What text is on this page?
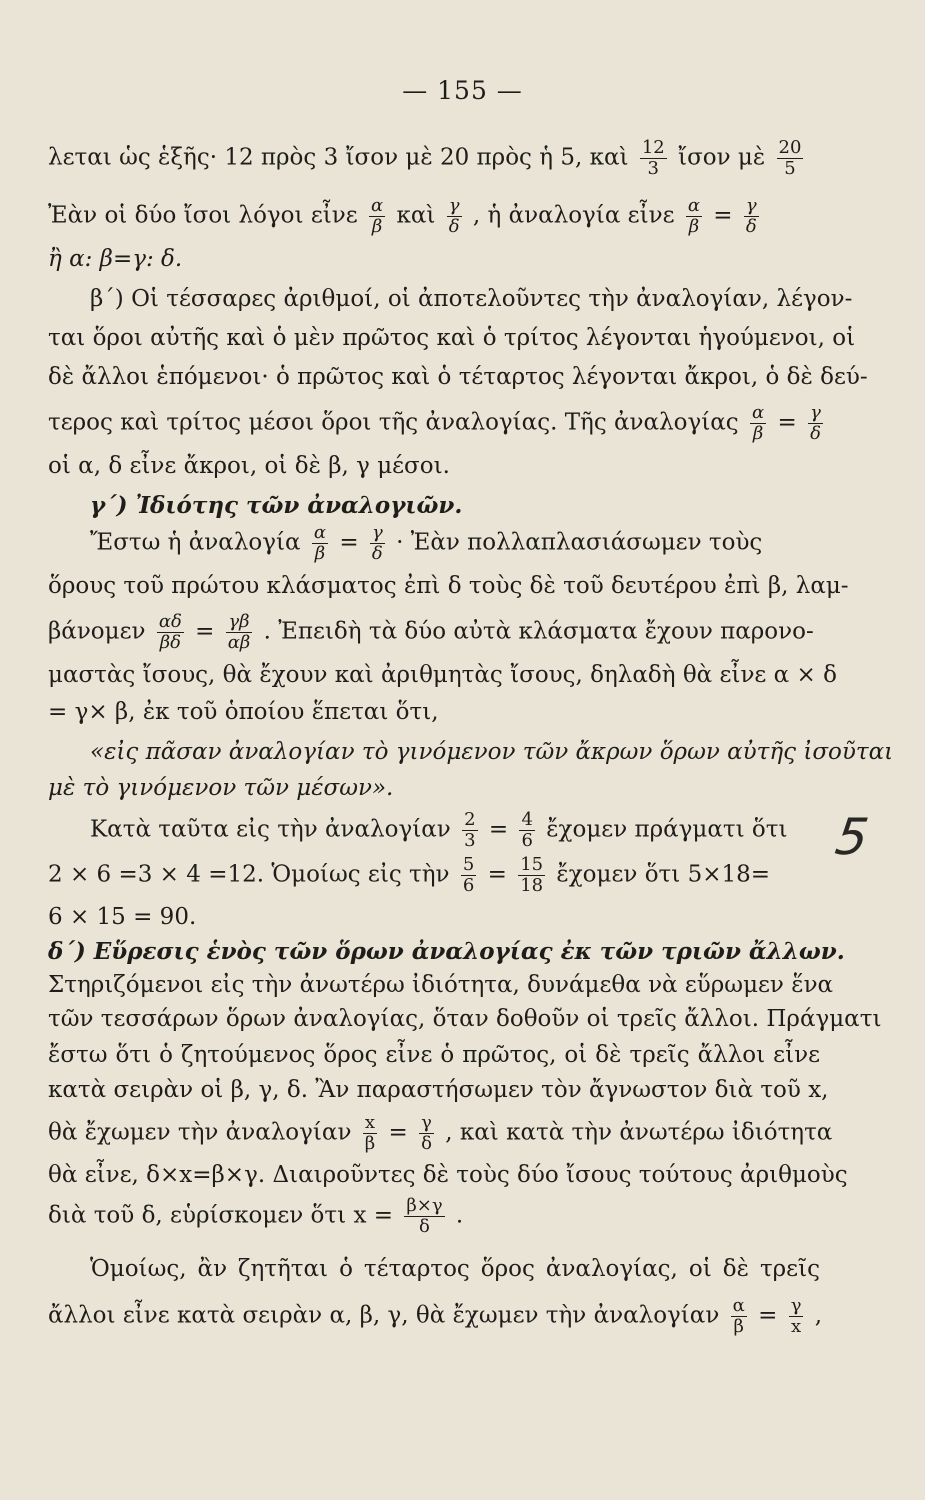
— 155 —
λεται ὡς ἑξῆς· 12 πρὸς 3 ἴσον μὲ 20 πρὸς ἡ 5, καὶ $\frac{12}{3}$ ἴσον μὲ $\frac{20}{5}$
Ἐὰν οἱ δύο ἴσοι λόγοι εἶνε $\frac{\alpha}{\beta}$ καὶ $\frac{\gamma}{\delta}$ , ἡ ἀναλογία εἶνε $\frac{\alpha}{\beta} = \frac{\gamma}{\delta}$
ἢ α: β=γ: δ.
β΄) Οἱ τέσσαρες ἀριθμοί, οἱ ἀποτελοῦντες τὴν ἀναλογίαν, λέγον-
ται ὅροι αὐτῆς καὶ ὁ μὲν πρῶτος καὶ ὁ τρίτος λέγονται ἡγούμενοι, οἱ
δὲ ἄλλοι ἑπόμενοι· ὁ πρῶτος καὶ ὁ τέταρτος λέγονται ἄκροι, ὁ δὲ δεύ-
τερος καὶ τρίτος μέσοι ὅροι τῆς ἀναλογίας. Τῆς ἀναλογίας $\frac{\alpha}{\beta} = \frac{\gamma}{\delta}$
οἱ α, δ εἶνε ἄκροι, οἱ δὲ β, γ μέσοι.
γ΄) Ἰδιότης τῶν ἀναλογιῶν.
Ἔστω ἡ ἀναλογία $\frac{\alpha}{\beta} = \frac{\gamma}{\delta}$ · Ἐὰν πολλαπλασιάσωμεν τοὺς
ὅρους τοῦ πρώτου κλάσματος ἐπὶ δ τοὺς δὲ τοῦ δευτέρου ἐπὶ β, λαμ-
βάνομεν $\frac{\alpha\delta}{\beta\delta} = \frac{\gamma\beta}{\alpha\beta}$ . Ἐπειδὴ τὰ δύο αὐτὰ κλάσματα ἔχουν παρονο-
μαστὰς ἴσους, θὰ ἔχουν καὶ ἀριθμητὰς ἴσους, δηλαδὴ θὰ εἶνε α × δ
= γ× β, ἐκ τοῦ ὁποίου ἕπεται ὅτι,
«εἰς πᾶσαν ἀναλογίαν τὸ γινόμενον τῶν ἄκρων ὅρων αὐτῆς ἰσοῦται
μὲ τὸ γινόμενον τῶν μέσων».
Κατὰ ταῦτα εἰς τὴν ἀναλογίαν $\frac{2}{3} = \frac{4}{6}$ ἔχομεν πράγματι ὅτι
2 × 6 =3 × 4 =12. Ὁμοίως εἰς τὴν $\frac{5}{6} = \frac{15}{18}$ ἔχομεν ὅτι 5×18=
6 × 15 = 90.
δ΄) Εὕρεσις ἑνὸς τῶν ὅρων ἀναλογίας ἐκ τῶν τριῶν ἄλλων.
Στηριζόμενοι εἰς τὴν ἀνωτέρω ἰδιότητα, δυνάμεθα νὰ εὕρωμεν ἕνα
τῶν τεσσάρων ὅρων ἀναλογίας, ὅταν δοθοῦν οἱ τρεῖς ἄλλοι. Πράγματι
ἔστω ὅτι ὁ ζητούμενος ὅρος εἶνε ὁ πρῶτος, οἱ δὲ τρεῖς ἄλλοι εἶνε
κατὰ σειρὰν οἱ β, γ, δ. Ἂν παραστήσωμεν τὸν ἄγνωστον διὰ τοῦ x,
θὰ ἔχωμεν τὴν ἀναλογίαν $\frac{x}{\beta} = \frac{\gamma}{\delta}$ , καὶ κατὰ τὴν ἀνωτέρω ἰδιότητα
θὰ εἶνε, δ×x=β×γ. Διαιροῦντες δὲ τοὺς δύο ἴσους τούτους ἀριθμοὺς
διὰ τοῦ δ, εὑρίσκομεν ὅτι $x = \frac{\beta\times\gamma}{\delta}$ .
Ὁμοίως, ἂν ζητῆται ὁ τέταρτος ὅρος ἀναλογίας, οἱ δὲ τρεῖς
ἄλλοι εἶνε κατὰ σειρὰν α, β, γ, θὰ ἔχωμεν τὴν ἀναλογίαν $\frac{\alpha}{\beta} = \frac{\gamma}{x}$ ,
5
